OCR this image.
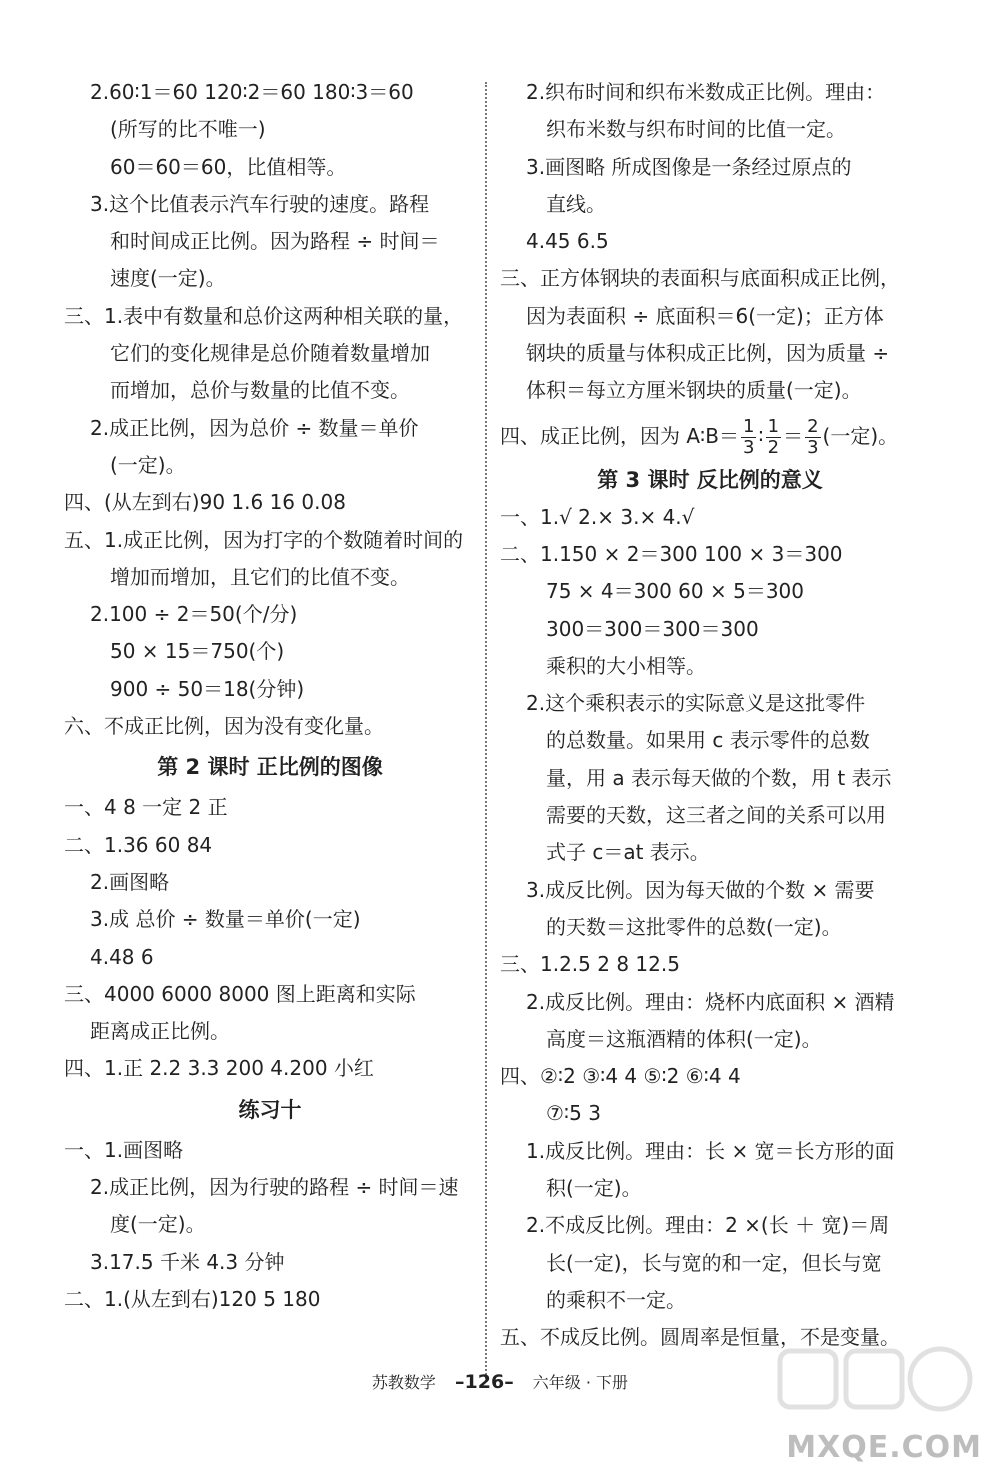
2.60∶1＝60 120∶2＝60 180∶3＝60
(所写的比不唯一)
60＝60＝60，比值相等。
3.这个比值表示汽车行驶的速度。路程
和时间成正比例。因为路程 ÷ 时间＝
速度(一定)。
三、1.表中有数量和总价这两种相关联的量，
它们的变化规律是总价随着数量增加
而增加，总价与数量的比值不变。
2.成正比例，因为总价 ÷ 数量＝单价
(一定)。
四、(从左到右)90 1.6 16 0.08
五、1.成正比例，因为打字的个数随着时间的
增加而增加，且它们的比值不变。
2.100 ÷ 2＝50(个/分)
50 × 15＝750(个)
900 ÷ 50＝18(分钟)
六、不成正比例，因为没有变化量。
第 2 课时 正比例的图像
一、4 8 一定 2 正
二、1.36 60 84
2.画图略
3.成 总价 ÷ 数量＝单价(一定)
4.48 6
三、4000 6000 8000 图上距离和实际
距离成正比例。
四、1.正 2.2 3.3 200 4.200 小红
练习十
一、1.画图略
2.成正比例，因为行驶的路程 ÷ 时间＝速
度(一定)。
3.17.5 千米 4.3 分钟
二、1.(从左到右)120 5 180
2.织布时间和织布米数成正比例。理由：
织布米数与织布时间的比值一定。
3.画图略 所成图像是一条经过原点的
直线。
4.45 6.5
三、正方体钢块的表面积与底面积成正比例，
因为表面积 ÷ 底面积＝6(一定)；正方体
钢块的质量与体积成正比例，因为质量 ÷
体积＝每立方厘米钢块的质量(一定)。
四、成正比例，因为 A∶B＝ $\frac{1}{3}$ ∶ $\frac{1}{2} = \frac{2}{3}$ (一定)。
第 3 课时 反比例的意义
一、1.√ 2.× 3.× 4.√
二、1.150 × 2＝300 100 × 3＝300
75 × 4＝300 60 × 5＝300
300＝300＝300＝300
乘积的大小相等。
2.这个乘积表示的实际意义是这批零件
的总数量。如果用 c 表示零件的总数
量，用 a 表示每天做的个数，用 t 表示
需要的天数，这三者之间的关系可以用
式子 c＝at 表示。
3.成反比例。因为每天做的个数 × 需要
的天数＝这批零件的总数(一定)。
三、1.2.5 2 8 12.5
2.成反比例。理由：烧杯内底面积 × 酒精
高度＝这瓶酒精的体积(一定)。
四、②∶2 ③∶4 4 ⑤∶2 ⑥∶4 4
⑦∶5 3
1.成反比例。理由：长 × 宽＝长方形的面
积(一定)。
2.不成反比例。理由：2 ×(长 ＋ 宽)＝周
长(一定)，长与宽的和一定，但长与宽
的乘积不一定。
五、不成反比例。圆周率是恒量，不是变量。
苏教数学 –126– 六年级 · 下册
MXQE.COM
